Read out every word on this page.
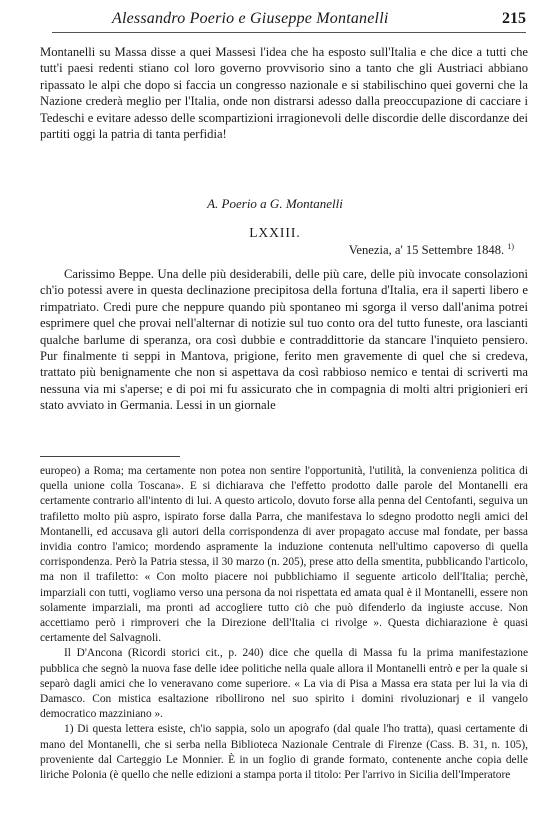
Alessandro Poerio e Giuseppe Montanelli	215

Montanelli su Massa disse a quei Massesi l'idea che ha esposto sull'Italia e che dice a tutti che tutt'i paesi redenti stiano col loro governo provvisorio sino a tanto che gli Austriaci abbiano ripassato le alpi che dopo si faccia un congresso nazionale e si stabilischino quei governi che la Nazione crederà meglio per l'Italia, onde non distrarsi adesso dalla preoccupazione di cacciare i Tedeschi e evitare adesso delle scompartizioni irragionevoli delle discordie delle discordanze dei partiti oggi la patria di tanta perfidia!

A. Poerio a G. Montanelli
LXXIII.
Venezia, a' 15 Settembre 1848. $^{1)}$

Carissimo Beppe. Una delle più desiderabili, delle più care, delle più invocate consolazioni ch'io potessi avere in questa declinazione precipitosa della fortuna d'Italia, era il saperti libero e rimpatriato. Credi pure che neppure quando più spontaneo mi sgorga il verso dall'anima potrei esprimere quel che provai nell'alternar di notizie sul tuo conto ora del tutto funeste, ora lascianti qualche barlume di speranza, ora così dubbie e contraddittorie da stancare l'inquieto pensiero. Pur finalmente ti seppi in Mantova, prigione, ferito men gravemente di quel che si credeva, trattato più benignamente che non si aspettava da così rabbioso nemico e tentai di scriverti ma nessuna via mi s'aperse; e di poi mi fu assicurato che in compagnia di molti altri prigionieri eri stato avviato in Germania. Lessi in un giornale

europeo) a Roma; ma certamente non potea non sentire l'opportunità, l'utilità, la convenienza politica di quella unione colla Toscana». E si dichiarava che l'effetto prodotto dalle parole del Montanelli era certamente contrario all'intento di lui. A questo articolo, dovuto forse alla penna del Centofanti, seguiva un trafiletto molto più aspro, ispirato forse dalla Parra, che manifestava lo sdegno prodotto negli amici del Montanelli, ed accusava gli autori della corrispondenza di aver propagato accuse mal fondate, per bassa invidia contro l'amico; mordendo aspramente la induzione contenuta nell'ultimo capoverso di quella corrispondenza. Però la Patria stessa, il 30 marzo (n. 205), prese atto della smentita, pubblicando l'articolo, ma non il trafiletto: « Con molto piacere noi pubblichiamo il seguente articolo dell'Italia; perchè, imparziali con tutti, vogliamo verso una persona da noi rispettata ed amata qual è il Montanelli, essere non solamente imparziali, ma pronti ad accogliere tutto ciò che può difenderlo da ingiuste accuse. Non accettiamo però i rimproveri che la Direzione dell'Italia ci rivolge ». Questa dichiarazione è quasi certamente del Salvagnoli.

Il D'Ancona (Ricordi storici cit., p. 240) dice che quella di Massa fu la prima manifestazione pubblica che segnò la nuova fase delle idee politiche nella quale allora il Montanelli entrò e per la quale si separò dagli amici che lo veneravano come superiore. « La via di Pisa a Massa era stata per lui la via di Damasco. Con mistica esaltazione ribollirono nel suo spirito i domini rivoluzionarj e il vangelo democratico mazziniano ».

1) Di questa lettera esiste, ch'io sappia, solo un apografo (dal quale l'ho tratta), quasi certamente di mano del Montanelli, che si serba nella Biblioteca Nazionale Centrale di Firenze (Cass. B. 31, n. 105), proveniente dal Carteggio Le Monnier. È in un foglio di grande formato, contenente anche copia delle liriche Polonia (è quello che nelle edizioni a stampa porta il titolo: Per l'arrivo in Sicilia dell'Imperatore
